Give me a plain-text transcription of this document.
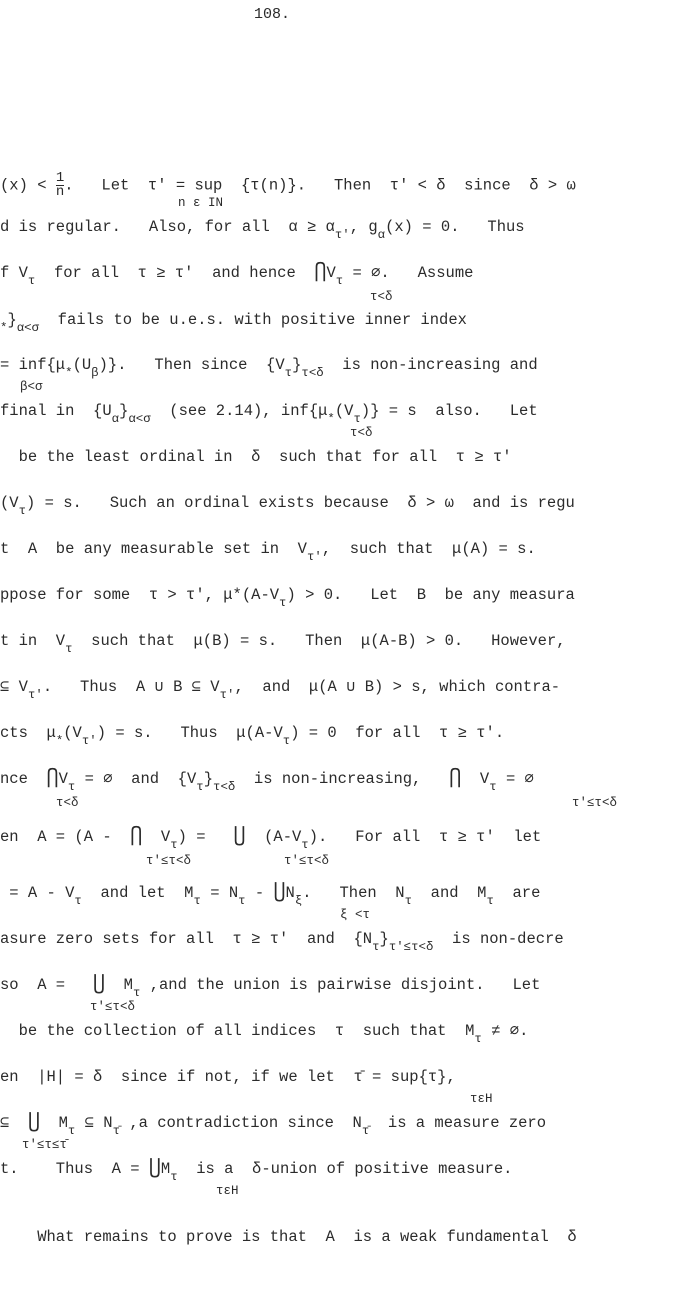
108.
$(x) < \frac{1}{n}$ .   Let  τ' = sup  {τ(n)}.   Then  τ' < δ  since  δ > ω
n ε IN
d is regular.   Also, for all  $\alpha \ge \alpha_{\tau'}$, $g_\alpha(x) = 0$.   Thus
f $V_\tau$  for all  τ ≥ τ'  and hence  $⋂V_\tau$ = ∅.   Assume
τ<δ
$_*\}_{\alpha<\sigma}$  fails to be u.e.s. with positive inner index
= $inf\{\mu_*(U_\beta)\}$.   Then since  $\{V_\tau\}_{\tau<\delta}$  is non-increasing and
β<σ
final in  $\{U_\alpha\}_{\alpha<\sigma}$  (see 2.14), $inf\{\mu_*(V_\tau)\} = s$  also.   Let
τ<δ
be the least ordinal in  δ  such that for all  τ ≥ τ'
$(V_\tau) = s$.   Such an ordinal exists because  δ > ω  and is regu
t  A  be any measurable set in  $V_{\tau'}$,  such that  μ(A) = s.
ppose for some  τ > τ', $\mu*(A-V_\tau) > 0$.   Let  B  be any measura
t in  $V_\tau$  such that  μ(B) = s.   Then  μ(A-B) > 0.   However,
⊆ $V_{\tau'}$.   Thus  A ∪ B ⊆ $V_{\tau'}$,  and  μ(A ∪ B) > s, which contra-
cts  $\mu_*(V_{\tau'}) = s$.   Thus  $\mu(A-V_\tau) = 0$  for all  τ ≥ τ'.
nce  $⋂V_\tau$ = ∅  and  $\{V_\tau\}_{\tau<\delta}$  is non-increasing,   ⋂  $V_\tau$ = ∅
τ<δ	τ'≤τ<δ
en  A = (A -  ⋂  $V_\tau$) =   ⋃  $(A-V_\tau)$.   For all  τ ≥ τ'  let
τ'≤τ<δ	τ'≤τ<δ
= A - $V_\tau$  and let  $M_\tau = N_\tau$ - $⋃N_\xi$.   Then  $N_\tau$  and  $M_\tau$  are
ξ <τ
asure zero sets for all  τ ≥ τ'  and  $\{N_\tau\}_{\tau'\le\tau<\delta}$  is non-decre
so  A =   ⋃  $M_\tau$ ,and the union is pairwise disjoint.   Let
τ'≤τ<δ
be the collection of all indices  τ  such that  $M_\tau$ ≠ ∅.
en  |H| = δ  since if not, if we let  τ̄ = sup{τ},
τεH
⊆  ⋃  $M_\tau$ ⊆ $N_{\taū}$ ,a contradiction since  $N_{\taū}$  is a measure zero
τ'≤τ≤τ̄
t.    Thus  $A = ⋃M_\tau$  is a  δ-union of positive measure.
τεH
What remains to prove is that  A  is a weak fundamental  δ
